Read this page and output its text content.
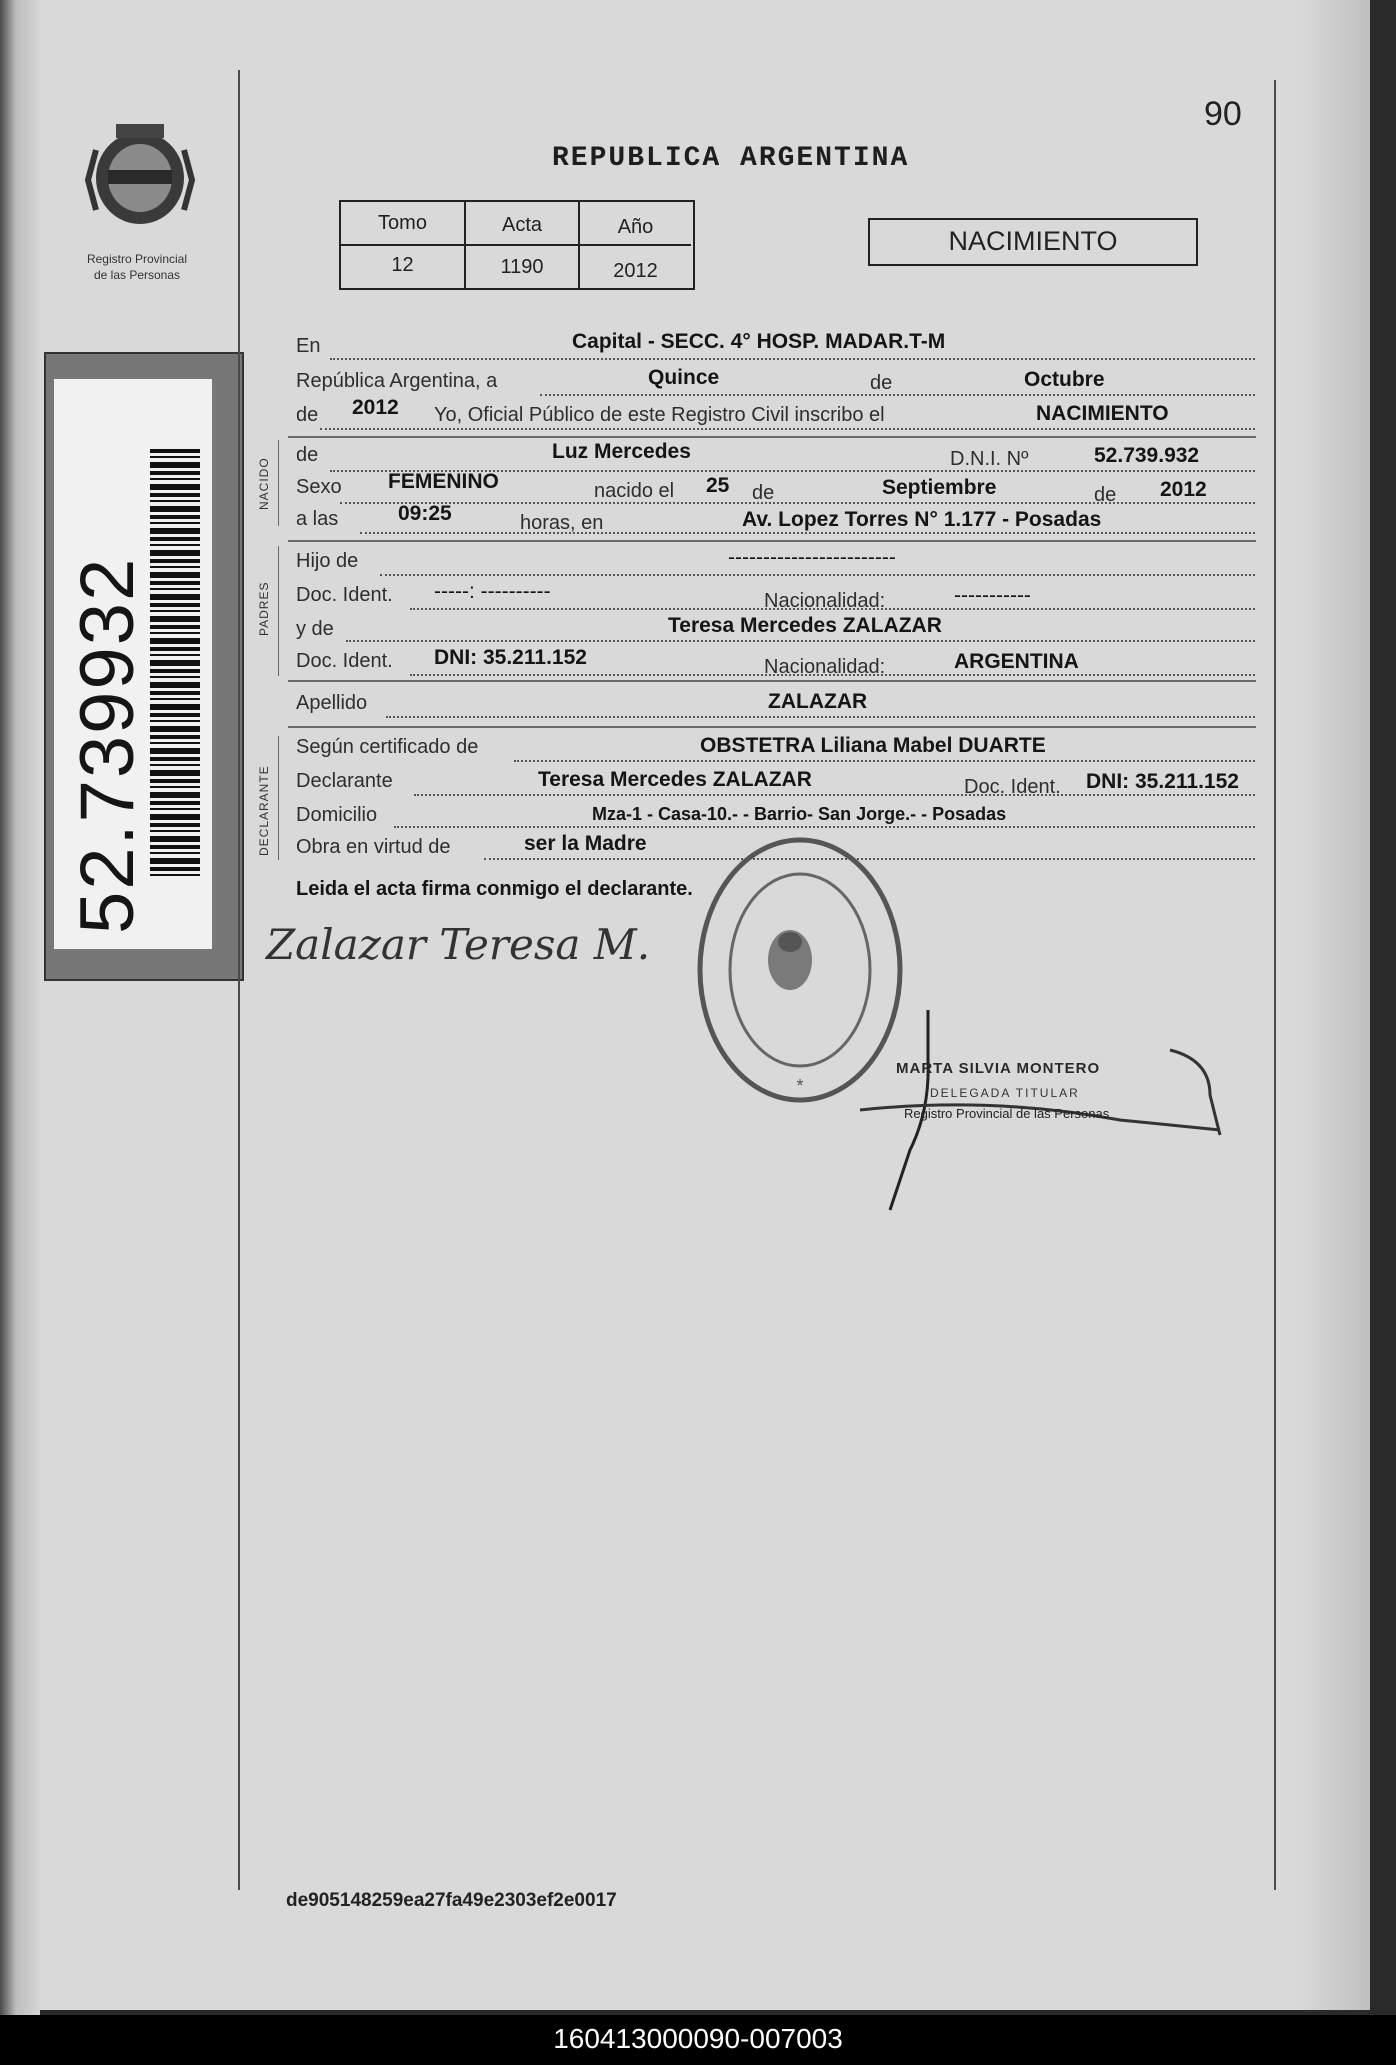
Registro Provincial
de las Personas
52.739932
90
REPUBLICA ARGENTINA
Tomo	Acta	Año
12	1190	2012
NACIMIENTO
NACIDO
PADRES
DECLARANTE
En	Capital - SECC. 4° HOSP. MADAR.T-M
República Argentina, a	Quince	de	Octubre
de 2012 Yo, Oficial Público de este Registro Civil inscribo el	NACIMIENTO
de	Luz Mercedes	D.N.I. Nº	52.739.932
Sexo FEMENINO	nacido el 25 de	Septiembre	de 2012
a las	09:25	horas, en	Av. Lopez Torres N° 1.177 - Posadas
Hijo de	------------------------
Doc. Ident. -----: ----------	Nacionalidad:	-----------
y de	Teresa Mercedes ZALAZAR
Doc. Ident. DNI: 35.211.152	Nacionalidad:	ARGENTINA
Apellido	ZALAZAR
Según certificado de	OBSTETRA Liliana Mabel DUARTE
Declarante	Teresa Mercedes ZALAZAR	Doc. Ident. DNI: 35.211.152
Domicilio	Mza-1 - Casa-10.- - Barrio- San Jorge.- - Posadas
Obra en virtud de	ser la Madre
Leida el acta firma conmigo el declarante.
Zalazar Teresa M.
*
MARTA SILVIA MONTERO
DELEGADA TITULAR
Registro Provincial de las Personas
de905148259ea27fa49e2303ef2e0017
160413000090-007003
